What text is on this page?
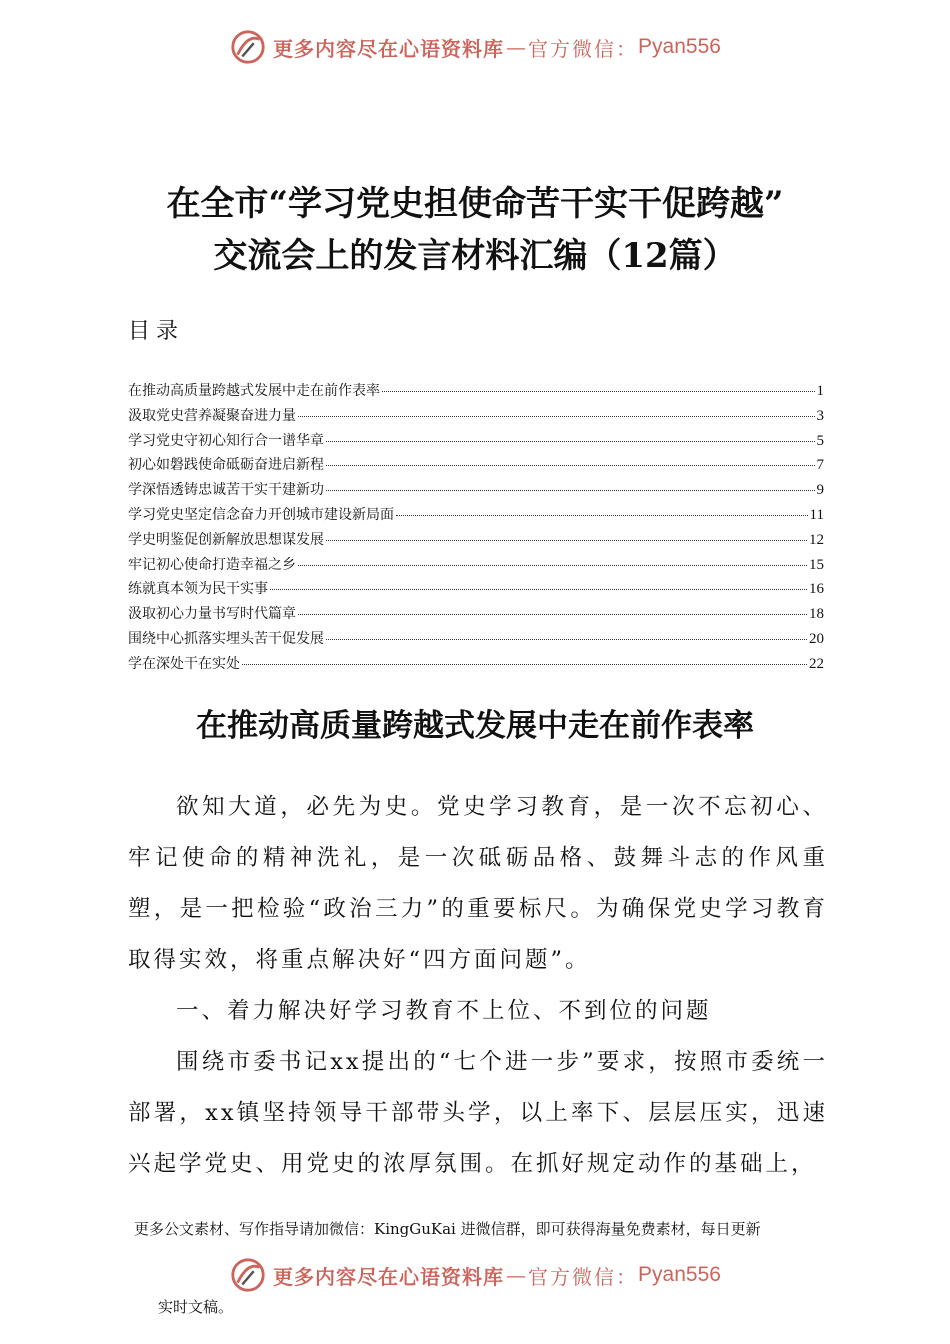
更多内容尽在心语资料库 — 官方微信： Pyan556
在全市“学习党史担使命苦干实干促跨越”
交流会上的发言材料汇编（12篇）
目录
在推动高质量跨越式发展中走在前作表率	1
汲取党史营养凝聚奋进力量	3
学习党史守初心知行合一谱华章	5
初心如磐践使命砥砺奋进启新程	7
学深悟透铸忠诚苦干实干建新功	9
学习党史坚定信念奋力开创城市建设新局面	11
学史明鉴促创新解放思想谋发展	12
牢记初心使命打造幸福之乡	15
练就真本领为民干实事	16
汲取初心力量书写时代篇章	18
围绕中心抓落实埋头苦干促发展	20
学在深处干在实处	22
在推动高质量跨越式发展中走在前作表率

欲知大道，必先为史。党史学习教育，是一次不忘初心、牢记使命的精神洗礼，是一次砥砺品格、鼓舞斗志的作风重塑，是一把检验“政治三力”的重要标尺。为确保党史学习教育取得实效，将重点解决好“四方面问题”。

一、着力解决好学习教育不上位、不到位的问题

围绕市委书记xx提出的“七个进一步”要求，按照市委统一部署，xx镇坚持领导干部带头学，以上率下、层层压实，迅速兴起学党史、用党史的浓厚氛围。在抓好规定动作的基础上，

更多公文素材、写作指导请加微信：KingGuKai 进微信群，即可获得海量免费素材，每日更新
更多内容尽在心语资料库 — 官方微信： Pyan556
实时文稿。
